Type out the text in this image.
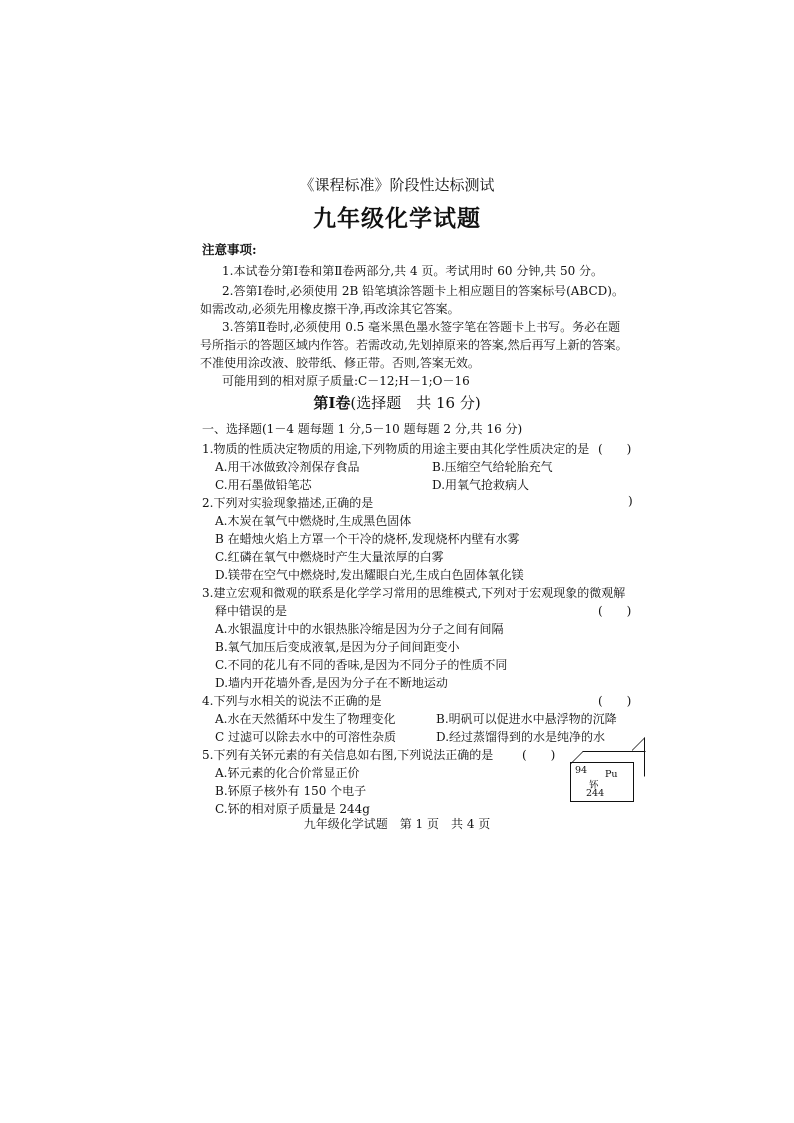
《课程标准》阶段性达标测试
九年级化学试题
注意事项:
1.本试卷分第Ⅰ卷和第Ⅱ卷两部分,共 4 页。考试用时 60 分钟,共 50 分。
2.答第Ⅰ卷时,必须使用 2B 铅笔填涂答题卡上相应题目的答案标号(ABCD)。
如需改动,必须先用橡皮擦干净,再改涂其它答案。
3.答第Ⅱ卷时,必须使用 0.5 毫米黑色墨水签字笔在答题卡上书写。务必在题
号所指示的答题区域内作答。若需改动,先划掉原来的答案,然后再写上新的答案。
不准使用涂改液、胶带纸、修正带。否则,答案无效。
可能用到的相对原子质量:C－12;H－1;O－16
第Ⅰ卷(选择题　共 16 分)
一、选择题(1－4 题每题 1 分,5－10 题每题 2 分,共 16 分)
1.物质的性质决定物质的用途,下列物质的用途主要由其化学性质决定的是 (　　)
A.用干冰做致冷剂保存食品	B.压缩空气给轮胎充气
C.用石墨做铅笔芯	D.用氧气抢救病人
2.下列对实验现象描述,正确的是	)
A.木炭在氧气中燃烧时,生成黑色固体
B 在蜡烛火焰上方罩一个干冷的烧杯,发现烧杯内壁有水雾
C.红磷在氧气中燃烧时产生大量浓厚的白雾
D.镁带在空气中燃烧时,发出耀眼白光,生成白色固体氧化镁
3.建立宏观和微观的联系是化学学习常用的思维模式,下列对于宏观现象的微观解
释中错误的是	(　　)
A.水银温度计中的水银热胀冷缩是因为分子之间有间隔
B.氧气加压后变成液氧,是因为分子间间距变小
C.不同的花儿有不同的香味,是因为不同分子的性质不同
D.墙内开花墙外香,是因为分子在不断地运动
4.下列与水相关的说法不正确的是	(　　)
A.水在天然循环中发生了物理变化	B.明矾可以促进水中悬浮物的沉降
C 过滤可以除去水中的可溶性杂质	D.经过蒸馏得到的水是纯净的水
5.下列有关钚元素的有关信息如右图,下列说法正确的是 (　　)
A.钚元素的化合价常显正价
B.钚原子核外有 150 个电子
C.钚的相对原子质量是 244g
94 Pu
钚
244
九年级化学试题　第 1 页　共 4 页
